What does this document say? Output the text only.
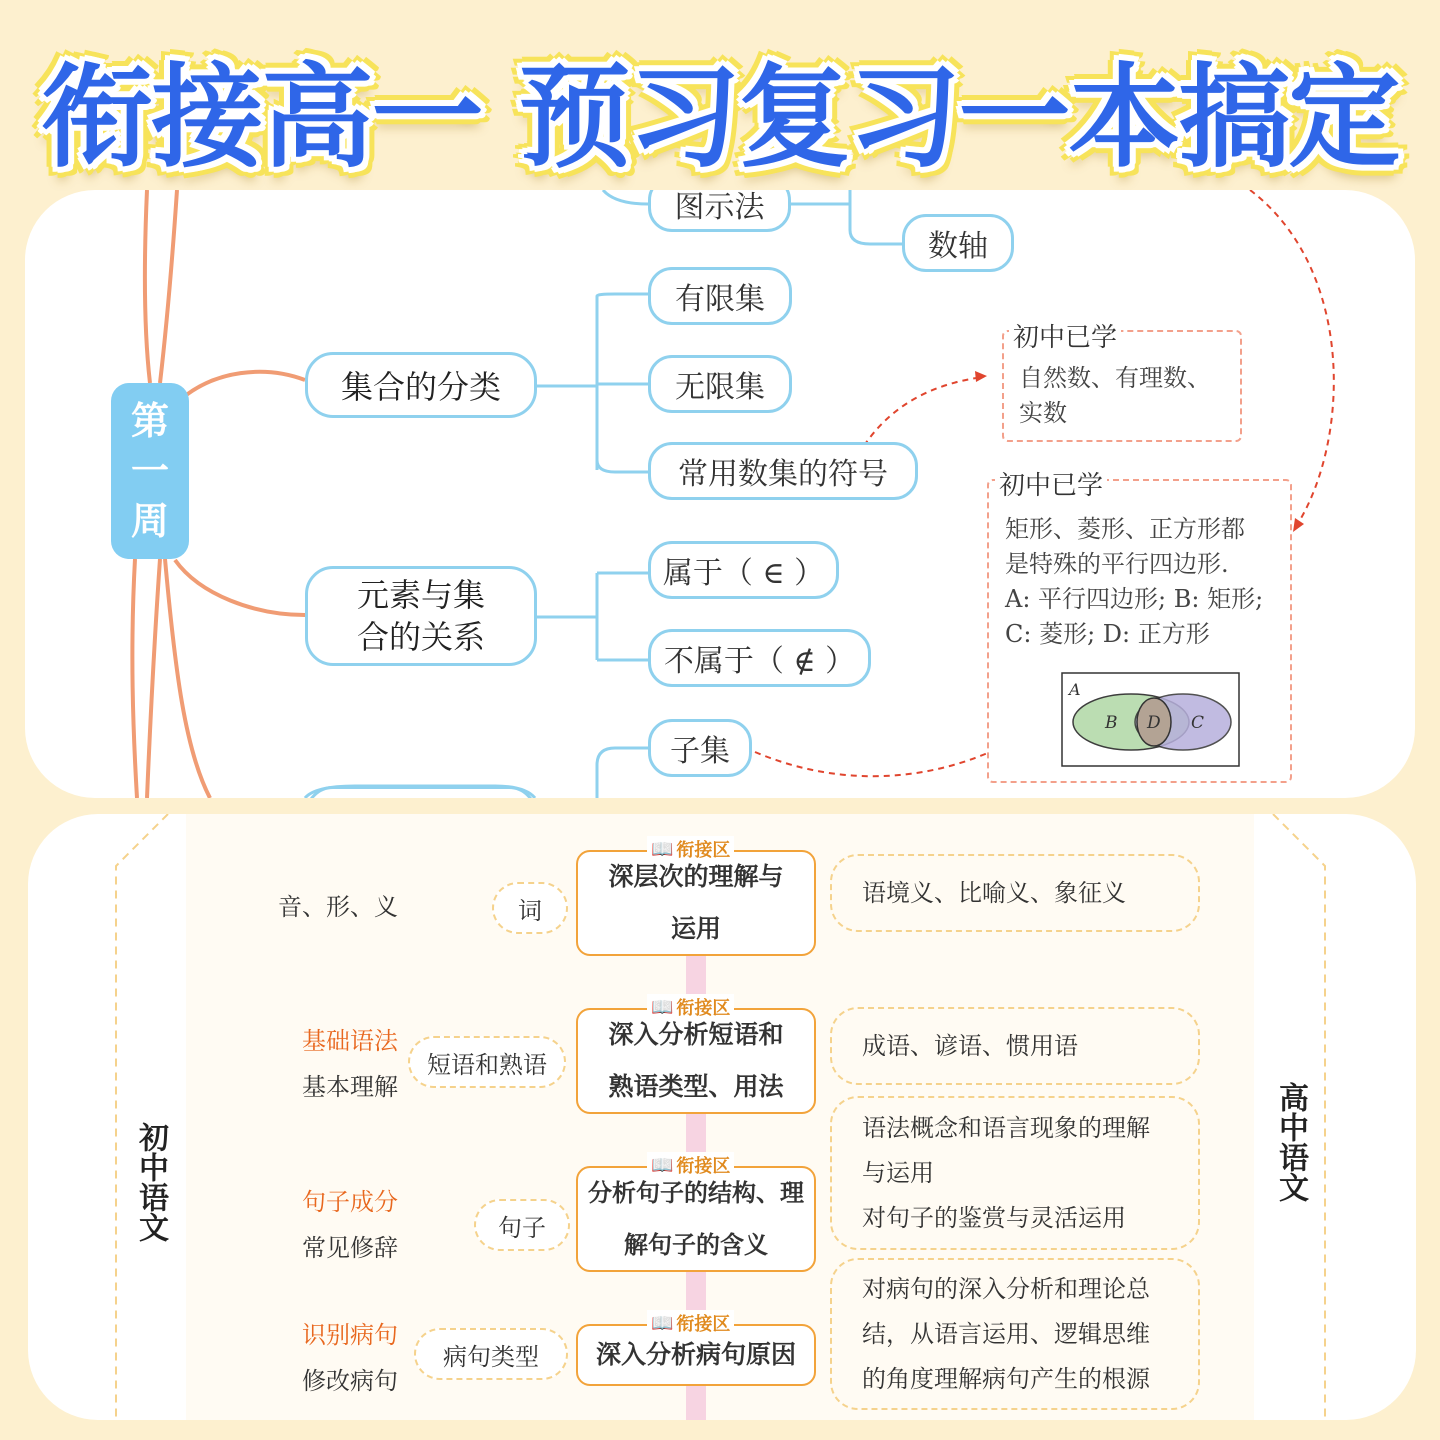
衔接高一 预习复习一本搞定
第
一
周
集合的分类
元素与集
合的关系
图示法
数轴
有限集
无限集
常用数集的符号
属于（ ∈ ）
不属于（ ∉ ）
子集
初中已学
自然数、有理数、
实数
初中已学
矩形、菱形、正方形都
是特殊的平行四边形.
A: 平行四边形; B: 矩形;
C: 菱形; D: 正方形
A
B D C
初中语文	高中语文
音、形、义	词
深层次的理解与
运用
📖 衔接区
语境义、比喻义、象征义
基础语法
基本理解
短语和熟语
深入分析短语和
熟语类型、用法
📖 衔接区
成语、谚语、惯用语
句子成分
常见修辞
句子
分析句子的结构、理
解句子的含义
📖 衔接区
语法概念和语言现象的理解
与运用
对句子的鉴赏与灵活运用
识别病句
修改病句
病句类型 深入分析病句原因
📖 衔接区
对病句的深入分析和理论总
结，从语言运用、逻辑思维
的角度理解病句产生的根源
